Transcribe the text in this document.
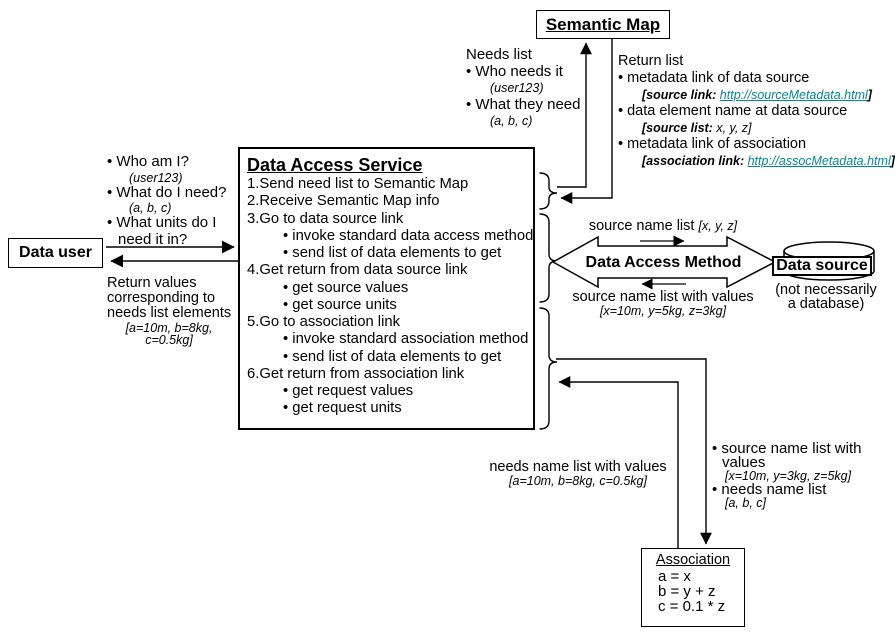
Semantic Map
Needs list
• Who needs it
(user123)
• What they need
(a, b, c)
Return list
• metadata link of data source
[source link: http://sourceMetadata.html]
• data element name at data source
[source list: x, y, z]
• metadata link of association
[association link: http://assocMetadata.html]
• Who am I?
(user123)
• What do I need?
(a, b, c)
• What units do I
need it in?
Data user
Return values
corresponding to
needs list elements
[a=10m, b=8kg,
c=0.5kg]
Data Access Service
1.Send need list to Semantic Map
2.Receive Semantic Map info
3.Go to data source link
• invoke standard data access method
• send list of data elements to get
4.Get return from data source link
• get source values
• get source units
5.Go to association link
• invoke standard association method
• send list of data elements to get
6.Get return from association link
• get request values
• get request units
source name list [x, y, z]
Data Access Method
source name list with values
[x=10m, y=5kg, z=3kg]
Data source
(not necessarily
a database)
needs name list with values
[a=10m, b=8kg, c=0.5kg]
• source name list with
values
[x=10m, y=3kg, z=5kg]
• needs name list
[a, b, c]
Association
a = x
b = y + z
c = 0.1 * z
